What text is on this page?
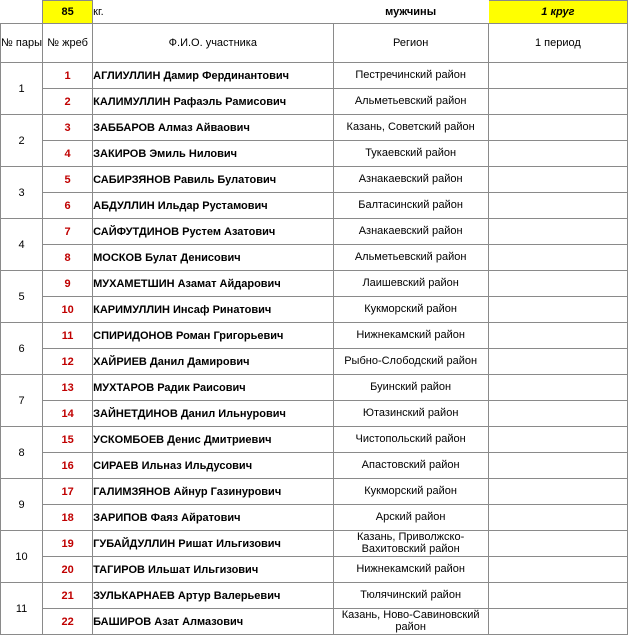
	85	кг.	мужчины	1 круг
№ пары	№ жреб	Ф.И.О. участника	Регион	1 период
1	1	АГЛИУЛЛИН Дамир Фердинантович	Пестречинский район	
	2	КАЛИМУЛЛИН Рафаэль Рамисович	Альметьевский район	
2	3	ЗАББАРОВ Алмаз Айваович	Казань, Советский район	
	4	ЗАКИРОВ Эмиль Нилович	Тукаевский район	
3	5	САБИРЗЯНОВ Равиль Булатович	Азнакаевский район	
	6	АБДУЛЛИН Ильдар Рустамович	Балтасинский район	
4	7	САЙФУТДИНОВ Рустем Азатович	Азнакаевский район	
	8	МОСКОВ Булат Денисович	Альметьевский район	
5	9	МУХАМЕТШИН Азамат Айдарович	Лаишевский район	
	10	КАРИМУЛЛИН Инсаф Ринатович	Кукморский район	
6	11	СПИРИДОНОВ Роман Григорьевич	Нижнекамский район	
	12	ХАЙРИЕВ Данил Дамирович	Рыбно-Слободский район	
7	13	МУХТАРОВ Радик Раисович	Буинский район	
	14	ЗАЙНЕТДИНОВ Данил Ильнурович	Ютазинский район	
8	15	УСКОМБОЕВ Денис Дмитриевич	Чистопольский район	
	16	СИРАЕВ Ильназ Ильдусович	Апастовский район	
9	17	ГАЛИМЗЯНОВ Айнур Газинурович	Кукморский район	
	18	ЗАРИПОВ Фаяз Айратович	Арский район	
10	19	ГУБАЙДУЛЛИН Ришат Ильгизович	Казань, Приволжско-Вахитовский район	
	20	ТАГИРОВ Ильшат Ильгизович	Нижнекамский район	
11	21	ЗУЛЬКАРНАЕВ Артур Валерьевич	Тюлячинский район	
	22	БАШИРОВ Азат Алмазович	Казань, Ново-Савиновский район	
